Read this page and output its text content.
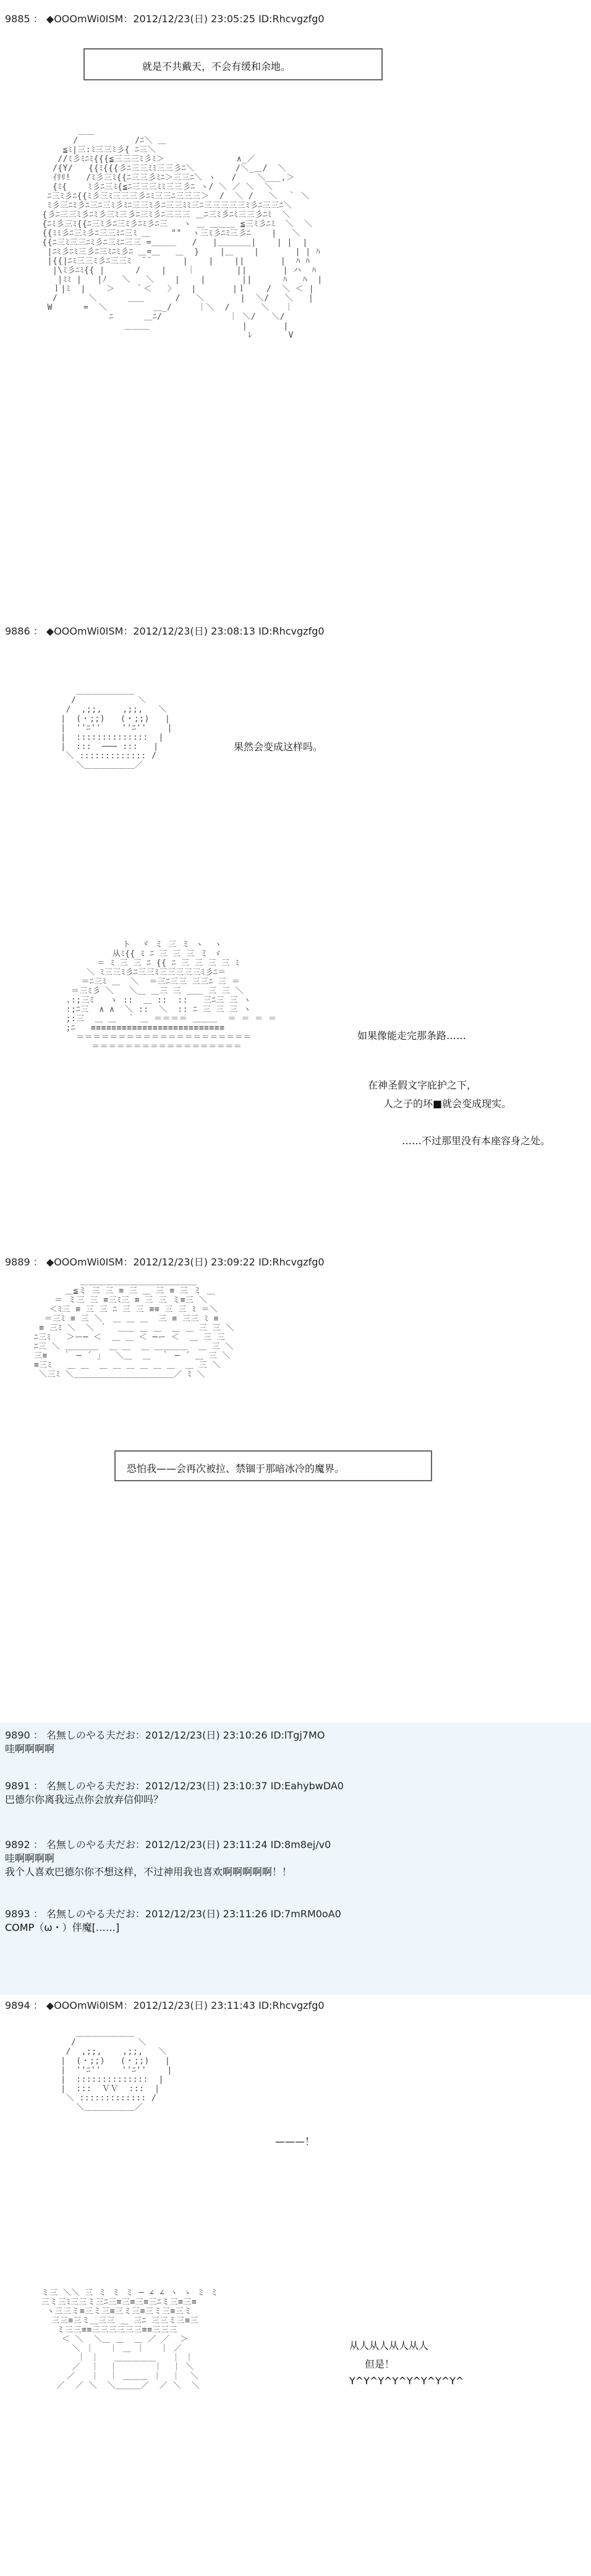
9885 ： ◆OOOmWi0ISM：2012/12/23(日) 23:05:25 ID:Rhcvgzfg0
就是不共戴天，不会有缓和余地。
＿＿
/           /ﾆ＼ ＿
≦ﾐ|三:ﾐ三三ﾐ彡{ ﾆ三＼
//ﾐ彡ﾐﾆﾐ{{{≦三三三ﾐ彡ﾐ＞              ∧_／
/{Y/   {{ﾐ{{{彡ﾆ三三ﾐﾐ三三彡ﾆ＼        /＼_＿/  ＼
ｲﾘﾘ!   /ﾐ彡三ﾐ{{ﾆ三三彡ﾐﾆ＞三三ﾆ＼ ヽ   /    ＼___,＞
{ﾐ{    ﾐ彡ﾆ三ﾐ{≦ﾆ三三三ﾐﾐ三三彡ﾆ ヽ/ ＼ ／ ＼  ＼
ﾆ三ﾐ彡ﾆ{{ﾐ彡三ﾐ三三三彡ﾆﾐ三三ﾆ三三三＞  /  ＼ /   ＼  ｀ ＼
ﾐ彡三ﾆﾐ彡ﾆ三ﾆ三ﾐ彡ﾐﾆ三三ﾐ彡ﾆ三三ﾐﾐ三ﾆ三三三三三ﾐ彡ﾆ三三ﾆ＼
{彡ﾆ三三ﾐ彡ﾆﾐ彡三ﾐ三彡ﾆ三ﾐ彡ﾆ三三三 ＿ﾆ三ﾐ彡ﾆﾐ三三彡ﾆﾐ  ＼
{ﾆﾐ彡三ﾐ{{ﾆ三ﾐ彡ﾆ三ﾐ彡ﾆﾐ彡ﾆ三   ヽ ＿ ＿＿＿ ≦三ﾐ彡ﾆﾐ  ＼  ＼
{{ﾐﾐ彡ﾆ三ﾐ彡ﾆ三三ﾐﾆ三ﾐ ＿    ""  ヽ三ﾐ彡ﾆﾐ三彡ﾆ    |   ＼
{{ﾆ三ﾐ三三ﾆﾐ彡ﾆ三ﾐﾆ三三 =＿＿＿   /   |＿＿＿＿|    | |  |
|ﾆﾐ彡ﾆﾐ三彡ﾆ三ﾐﾆﾐ彡ﾆ ＿=＿   ＿  }    |＿    |       | | ﾊ
|{{|ﾆﾐ三三ﾐ彡ﾆ三三ﾐ  ¨¨      |    |    ||       |  ﾊ ﾊ
|\ﾐ彡ﾆﾐ{{ |      /    |    ｜        ||       | ハ  ﾊ
|ﾐﾐ |   |ﾉ   ＼   ＼    |    |       ||      ﾊ   ﾊ  |
ｌ|ﾐ  |    ＞    ｀＜   〉   |       |ｌ    /  ＼ ＜ |
/      ＼      ＿＿      /   ＼       |  ＼/   ＼   |
W      =  ＼         ＿_/     ｜＼  /      ＼   ｜
ﾆ      ＿ﾆ/             ｜ ＼/   ＼/
＿＿＿                  |       |
ﾚ       V
9886 ： ◆OOOmWi0ISM：2012/12/23(日) 23:08:13 ID:Rhcvgzfg0
＿＿＿＿＿＿＿
/            ＼
/  ,;;,    ,;;,   ＼
|  (・;;)   (・;;)   |
|  ''ﾆ''    ''ﾆ''    |
|  ::::::::::::::  |
|  :::  ─── :::   |
＼ ::::::::::::: /
＼＿＿＿＿＿＿／
果然会变成这样吗。
ト  ヾ ミ 三 ミ ヽ  ヽ
从ﾐ{{ ﾐ ﾆ 三 三 三 ミ ゞ
＝ ﾐ 三 三 ﾆ {{ ﾆ 三 三 三 三 ﾐ
＼ ﾐ三三ﾐ彡ﾆ三三ﾐ三三三三三ﾐ彡ﾆ＝
＝ﾆ三ﾐ ＿  ＼  ＝三ﾆ三三 三三ﾆ 三 ＝
＝三ﾐ彡 ＼   ＼＿ ＿三 三 ＿＿ 三 三 ＼
.:;三ﾐ   ゝ ::  ＿ ::  ::   三ﾆ三 三 ヽ
:;ﾆ三  ∧ ∧  ＼ ::  ＼  :: ﾆ 三 三 三 ヽ
;:三  ＿ ＿  ｀ ＿ ＝＝＝＝ ＿＿＿  ＝ ＝ ＝ ＝
;ﾆ   ≡≡≡≡≡≡≡≡≡≡≡≡≡≡≡≡≡≡≡≡≡≡≡≡≡≡
＝＝＝＝＝＝＝＝＝＝＝＝＝＝＝＝＝＝＝＝＝
＝＝＝＝＝＝＝＝＝＝＝＝＝＝＝＝＝＝
如果像能走完那条路……
在神圣假文字庇护之下，
人之子的坏■就会变成现实。
……不过那里没有本座容身之处。
9889 ： ◆OOOmWi0ISM：2012/12/23(日) 23:09:22 ID:Rhcvgzfg0
＿＿＿＿＿＿＿＿＿＿＿＿＿＿
＿≦ミ 三 三 ≡ 三 ＿ 三 ≡ 三 ミ ＿
＝ ミ三 三 ≡三ﾐ三 ≡ 三 三 ミ≡三 ＼
＜ﾐ三 ≡ 三 三 ﾆ 三 三 ≡≡ 三 三 ﾐ ＝＼
＝三ﾐ ≡ 三 ＼  ＿ ＿ ＿  三 ≡ 三三 ﾐ ≡
≡ 三ﾐ ＼  ＼ ｀  ＿＿ ＿ ＿  ＿ ＿ 三 三 ＼
ﾆ三ﾐ   ＞ー─ ＜  ＿ ＿ ＜ ─ー ＜  ＿ 三 三
ﾆ三 ＼ ＿＿＿＿  ＿ ＿  ＿ ＿＿＿＿  ＿ 三 ＼
三≡   ｀ ─ ´ 」  ＼＿  ＿  ｀ ─ ´ ＿ 三 ＼
≡三ﾐ   ＿ ＿  ＿ ＿ ＿ ＿ ＿ ＿  ＿ 三 ＼
＼三ﾐ ＼＿＿＿＿＿＿＿＿＿＿＿＿／ ﾐ ＼
恐怕我——会再次被拉、禁锢于那暗冰冷的魔界。
9890 ： 名無しのやる夫だお：2012/12/23(日) 23:10:26 ID:lTgj7MO
哇啊啊啊啊
9891 ： 名無しのやる夫だお：2012/12/23(日) 23:10:37 ID:EahybwDA0
巴德尔你离我远点你会放弃信仰吗？
9892 ： 名無しのやる夫だお：2012/12/23(日) 23:11:24 ID:8m8ej/v0
哇啊啊啊啊
我个人喜欢巴德尔你不想这样，不过神用我也喜欢啊啊啊啊啊！！
9893 ： 名無しのやる夫だお：2012/12/23(日) 23:11:26 ID:7mRM0oA0
COMP（ω・）伴魔[……]
9894 ： ◆OOOmWi0ISM：2012/12/23(日) 23:11:43 ID:Rhcvgzfg0
＿＿＿＿＿＿＿
/            ＼
/  ,;;,    ,;;,   ＼
|  (・;;)   (・;;)   |
|  ''ﾆ''    ''ﾆ''    |
|  ::::::::::::::  |
|  :::  ＶＶ  :::  |
＼ ::::::::::::: /
＼＿＿＿＿＿＿／
———！
ミ三 ＼＼ 三 ミ ミ ミ ─ ∠ ∠ ヽ ゝ ミ ミ
三ミ三ﾐ三三ミ三ﾆ三≡三≡三≡三ﾆミ三≡三≡
ヽ三三ミ≡三ミ三≡三ミ三≡三ミ三≡三ミ
三三≡三ミ＿三三 ＿ 三ﾆ 三三ミ三≡三
ミ三三≡≡三三三三三三≡≡三三三
＜ ＼  ＼＿ ＿  ＿ ／ ／  ＞
＼ ｜   ｜ ＿ ｜   ｜ ／
｜ ｜   ＿＿＿＿＿   ｜ ｜
／  ｜  ｜       ｜  ｜ ＼
／   ｜  ｜ ＿＿＿ ｜  ｜  ＼
／  ／ ＼  ＼＿＿＿／  ／ ＼  ＼
从人从人从人从人
但是！
Y^Y^Y^Y^Y^Y^Y^Y^
